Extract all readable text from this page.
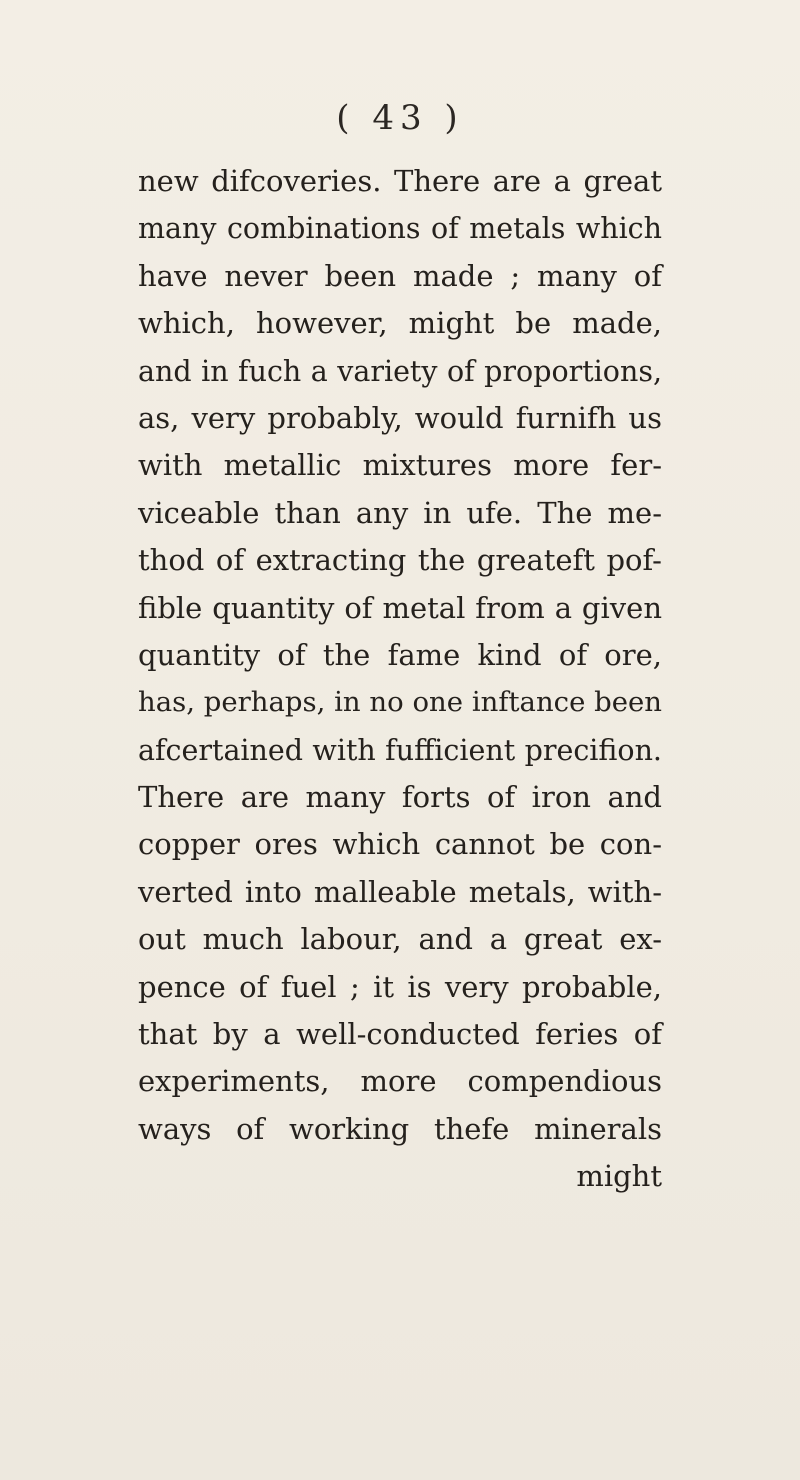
( 43 )
new difcoveries. There are a great
many combinations of metals which
have never been made ; many of
which, however, might be made,
and in fuch a variety of proportions,
as, very probably, would furnifh us
with metallic mixtures more fer-
viceable than any in ufe. The me-
thod of extracting the greateft pof-
fible quantity of metal from a given
quantity of the fame kind of ore,
has, perhaps, in no one inftance been
afcertained with fufficient precifion.
There are many forts of iron and
copper ores which cannot be con-
verted into malleable metals, with-
out much labour, and a great ex-
pence of fuel ; it is very probable,
that by a well-conducted feries of
experiments, more compendious
ways of working thefe minerals
might
